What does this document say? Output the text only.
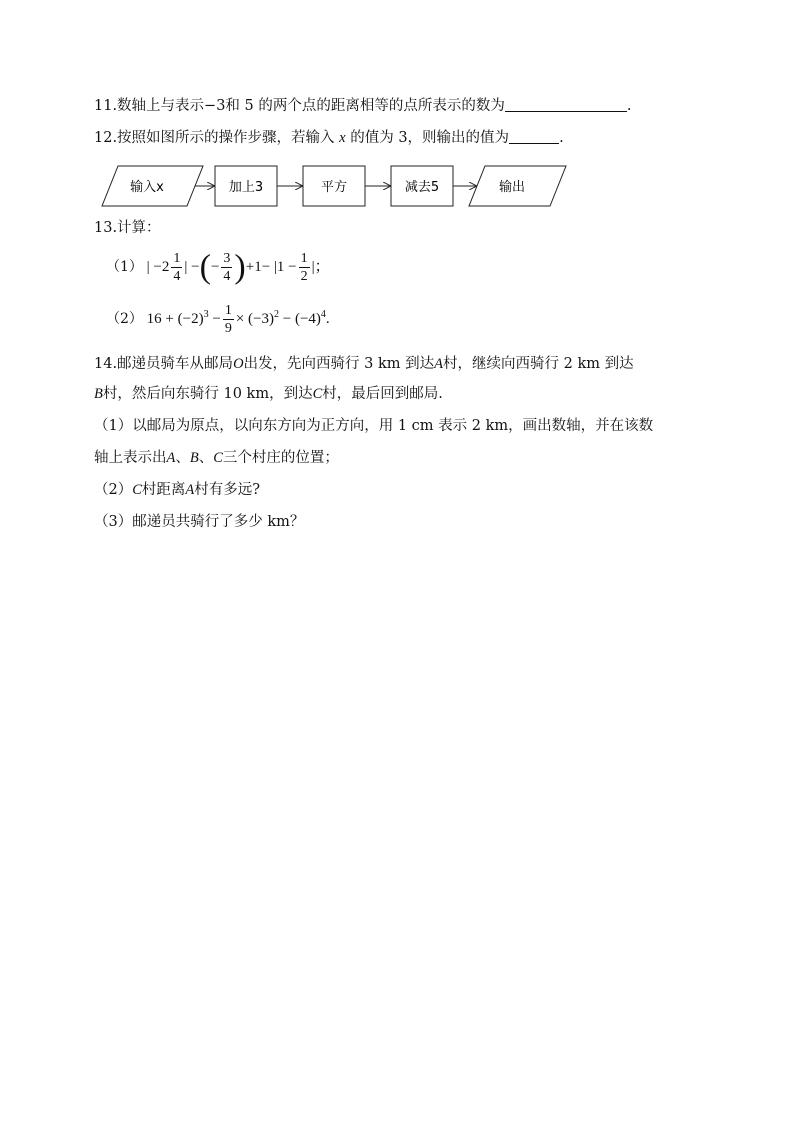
11.数轴上与表示−3和 5 的两个点的距离相等的点所表示的数为	.
12.按照如图所示的操作步骤，若输入 x 的值为 3，则输出的值为	.
输入x	加上3	平方	减去5	输出
13.计算：
（1） | $-2 \frac{1}{4}$ | −(− $\frac{3}{4} )+1- |1 - \frac{1}{2}$ |；
（2） $16 + (-2)^3 - \frac{1}{9} \times (-3)^2 - (-4)^4$.
14.邮递员骑车从邮局O出发，先向西骑行 3 km 到达A村，继续向西骑行 2 km 到达
B村，然后向东骑行 10 km，到达C村，最后回到邮局.
（1）以邮局为原点，以向东方向为正方向，用 1 cm 表示 2 km，画出数轴，并在该数
轴上表示出A、B、C三个村庄的位置；
（2）C村距离A村有多远?
（3）邮递员共骑行了多少 km？
